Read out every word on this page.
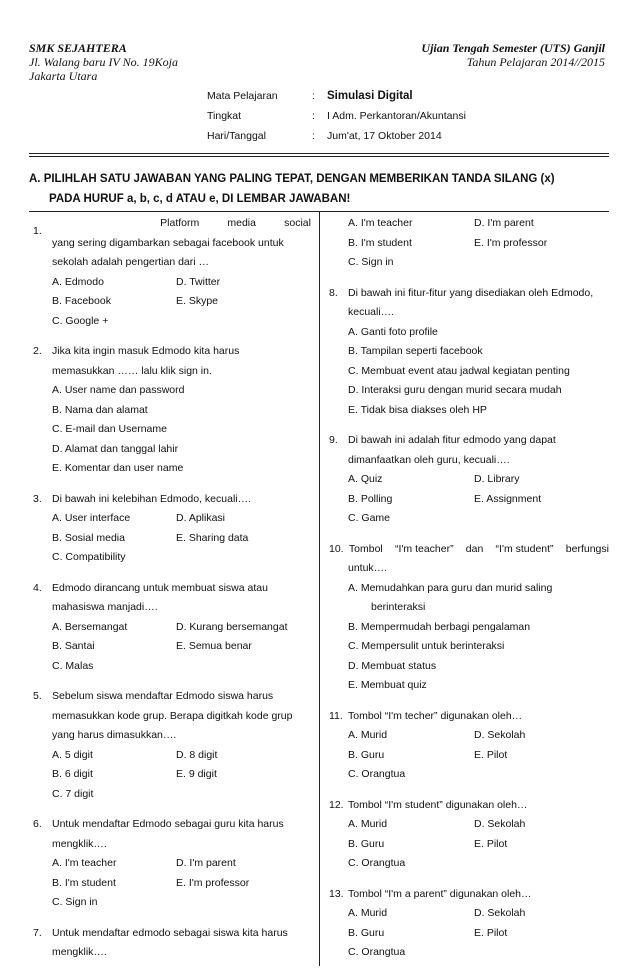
SMK SEJAHTERA
Jl. Walang baru IV No. 19Koja
Jakarta Utara
Ujian Tengah Semester (UTS) Ganjil
Tahun Pelajaran 2014//2015
Mata Pelajaran	:	Simulasi Digital
Tingkat	:	I Adm. Perkantoran/Akuntansi
Hari/Tanggal	:	Jum'at, 17 Oktober 2014
A. PILIHLAH SATU JAWABAN YANG PALING TEPAT, DENGAN MEMBERIKAN TANDA SILANG (x)
PADA HURUF a, b, c, d ATAU e, DI LEMBAR JAWABAN!
1.
Platform	media	social
yang sering digambarkan sebagai facebook untuk
sekolah adalah pengertian dari …
A. Edmodo	D. Twitter
B. Facebook	E. Skype
C. Google +
2. Jika kita ingin masuk Edmodo kita harus
memasukkan …… lalu klik sign in.
A. User name dan password
B. Nama dan alamat
C. E-mail dan Username
D. Alamat dan tanggal lahir
E. Komentar dan user name
3. Di bawah ini kelebihan Edmodo, kecuali….
A. User interface	D. Aplikasi
B. Sosial media	E. Sharing data
C. Compatibility
4. Edmodo dirancang untuk membuat siswa atau
mahasiswa manjadi….
A. Bersemangat	D. Kurang bersemangat
B. Santai	E. Semua benar
C. Malas
5. Sebelum siswa mendaftar Edmodo siswa harus
memasukkan kode grup. Berapa digitkah kode grup
yang harus dimasukkan….
A. 5 digit	D. 8 digit
B. 6 digit	E. 9 digit
C. 7 digit
6. Untuk mendaftar Edmodo sebagai guru kita harus
mengklik….
A. I'm teacher	D. I'm parent
B. I'm student	E. I'm professor
C. Sign in
7. Untuk mendaftar edmodo sebagai siswa kita harus
mengklik….
A. I'm teacher	D. I'm parent
B. I'm student	E. I'm professor
C. Sign in
8. Di bawah ini fitur-fitur yang disediakan oleh Edmodo,
kecuali….
A. Ganti foto profile
B. Tampilan seperti facebook
C. Membuat event atau jadwal kegiatan penting
D. Interaksi guru dengan murid secara mudah
E. Tidak bisa diakses oleh HP
9. Di bawah ini adalah fitur edmodo yang dapat
dimanfaatkan oleh guru, kecuali….
A. Quiz	D. Library
B. Polling	E. Assignment
C. Game
10. Tombol “I'm teacher” dan “I'm student” berfungsi
untuk….
A. Memudahkan para guru dan murid saling
berinteraksi
B. Mempermudah berbagi pengalaman
C. Mempersulit untuk berinteraksi
D. Membuat status
E. Membuat quiz
11. Tombol “I'm techer” digunakan oleh…
A. Murid	D. Sekolah
B. Guru	E. Pilot
C. Orangtua
12. Tombol “I'm student” digunakan oleh…
A. Murid	D. Sekolah
B. Guru	E. Pilot
C. Orangtua
13. Tombol “I'm a parent” digunakan oleh…
A. Murid	D. Sekolah
B. Guru	E. Pilot
C. Orangtua
